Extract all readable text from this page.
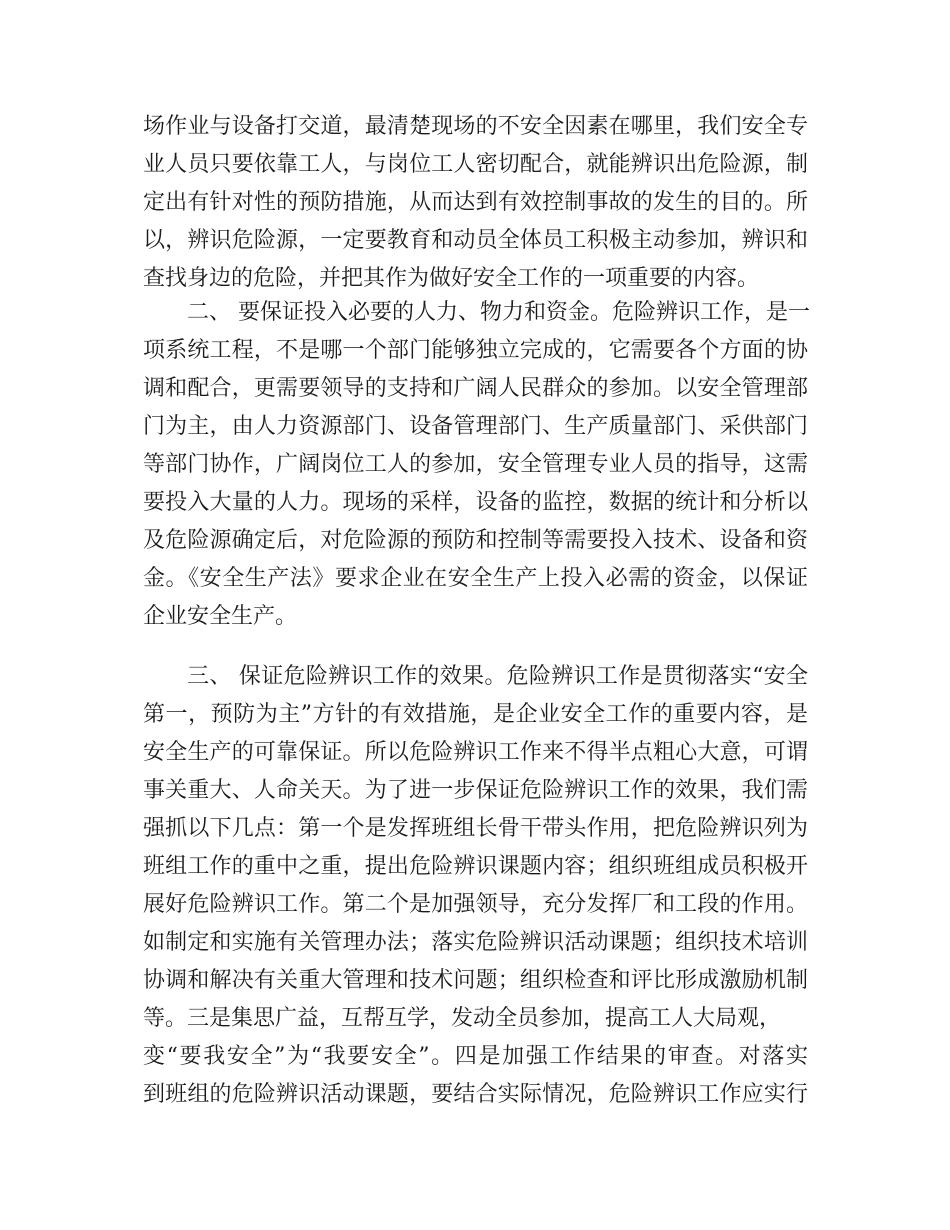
场作业与设备打交道，最清楚现场的不安全因素在哪里，我们安全专
业人员只要依靠工人，与岗位工人密切配合，就能辨识出危险源，制
定出有针对性的预防措施，从而达到有效控制事故的发生的目的。所
以，辨识危险源，一定要教育和动员全体员工积极主动参加，辨识和
查找身边的危险，并把其作为做好安全工作的一项重要的内容。
二、 要保证投入必要的人力、物力和资金。危险辨识工作，是一
项系统工程，不是哪一个部门能够独立完成的，它需要各个方面的协
调和配合，更需要领导的支持和广阔人民群众的参加。以安全管理部
门为主，由人力资源部门、设备管理部门、生产质量部门、采供部门
等部门协作，广阔岗位工人的参加，安全管理专业人员的指导，这需
要投入大量的人力。现场的采样，设备的监控，数据的统计和分析以
及危险源确定后，对危险源的预防和控制等需要投入技术、设备和资
金。《安全生产法》要求企业在安全生产上投入必需的资金，以保证
企业安全生产。
三、 保证危险辨识工作的效果。危险辨识工作是贯彻落实“安全
第一，预防为主”方针的有效措施，是企业安全工作的重要内容，是
安全生产的可靠保证。所以危险辨识工作来不得半点粗心大意，可谓
事关重大、人命关天。为了进一步保证危险辨识工作的效果，我们需
强抓以下几点：第一个是发挥班组长骨干带头作用，把危险辨识列为
班组工作的重中之重，提出危险辨识课题内容；组织班组成员积极开
展好危险辨识工作。第二个是加强领导，充分发挥厂和工段的作用。
如制定和实施有关管理办法；落实危险辨识活动课题；组织技术培训
协调和解决有关重大管理和技术问题；组织检查和评比形成激励机制
等。三是集思广益，互帮互学，发动全员参加，提高工人大局观，
变“要我安全”为“我要安全”。四是加强工作结果的审查。对落实
到班组的危险辨识活动课题，要结合实际情况，危险辨识工作应实行
